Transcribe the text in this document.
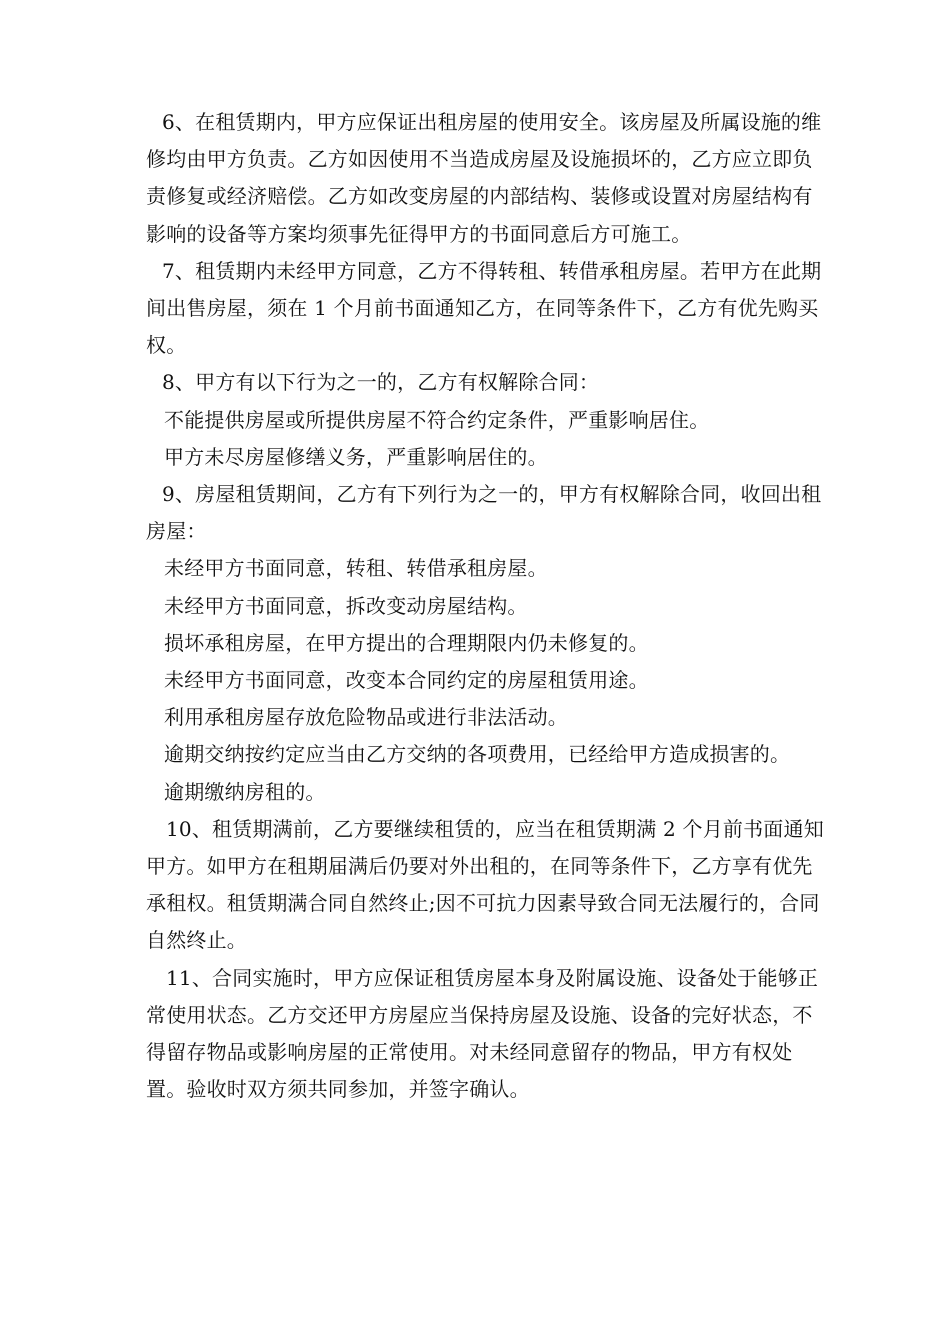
6、在租赁期内，甲方应保证出租房屋的使用安全。该房屋及所属设施的维修均由甲方负责。乙方如因使用不当造成房屋及设施损坏的，乙方应立即负责修复或经济赔偿。乙方如改变房屋的内部结构、装修或设置对房屋结构有影响的设备等方案均须事先征得甲方的书面同意后方可施工。

7、租赁期内未经甲方同意，乙方不得转租、转借承租房屋。若甲方在此期间出售房屋，须在 1 个月前书面通知乙方，在同等条件下，乙方有优先购买权。

8、甲方有以下行为之一的，乙方有权解除合同：

不能提供房屋或所提供房屋不符合约定条件，严重影响居住。

甲方未尽房屋修缮义务，严重影响居住的。

9、房屋租赁期间，乙方有下列行为之一的，甲方有权解除合同，收回出租房屋：

未经甲方书面同意，转租、转借承租房屋。

未经甲方书面同意，拆改变动房屋结构。

损坏承租房屋，在甲方提出的合理期限内仍未修复的。

未经甲方书面同意，改变本合同约定的房屋租赁用途。

利用承租房屋存放危险物品或进行非法活动。

逾期交纳按约定应当由乙方交纳的各项费用，已经给甲方造成损害的。

逾期缴纳房租的。

10、租赁期满前，乙方要继续租赁的，应当在租赁期满 2 个月前书面通知甲方。如甲方在租期届满后仍要对外出租的，在同等条件下，乙方享有优先承租权。租赁期满合同自然终止;因不可抗力因素导致合同无法履行的，合同自然终止。

11、合同实施时，甲方应保证租赁房屋本身及附属设施、设备处于能够正常使用状态。乙方交还甲方房屋应当保持房屋及设施、设备的完好状态，不得留存物品或影响房屋的正常使用。对未经同意留存的物品，甲方有权处置。验收时双方须共同参加，并签字确认。
